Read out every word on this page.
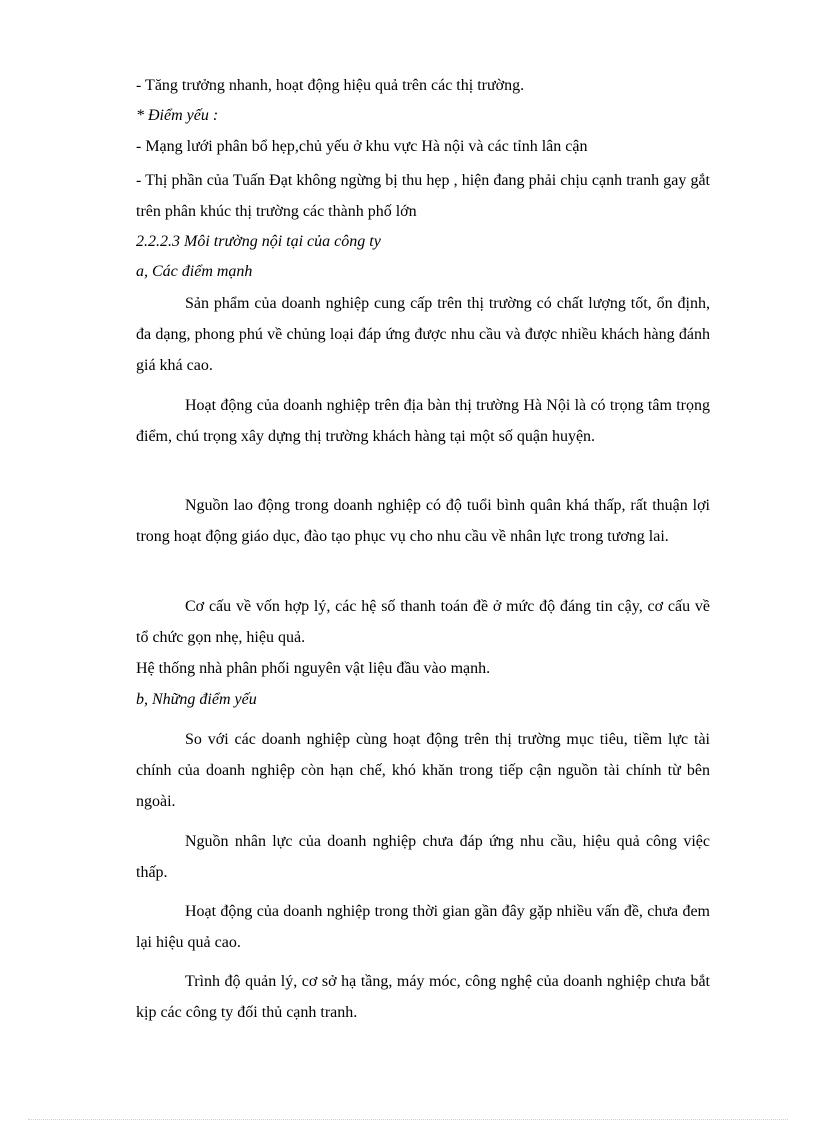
- Tăng trưởng nhanh, hoạt động hiệu quả trên các thị trường.
* Điểm yếu :
- Mạng lưới phân bổ hẹp,chủ yếu ở khu vực Hà nội và các tỉnh lân cận
- Thị phần của Tuấn Đạt không ngừng bị thu hẹp , hiện đang phải chịu cạnh tranh gay gắt trên phân khúc thị trường các thành phố lớn
2.2.2.3 Môi trường nội tại của công ty
a, Các điểm mạnh
Sản phẩm của doanh nghiệp cung cấp trên thị trường có chất lượng tốt, ổn định, đa dạng, phong phú về chủng loại đáp ứng được nhu cầu và được nhiều khách hàng đánh giá khá cao.
Hoạt động của doanh nghiệp trên địa bàn thị trường Hà Nội là có trọng tâm trọng điểm, chú trọng xây dựng thị trường khách hàng tại một số quận huyện.
Nguồn lao động trong doanh nghiệp có độ tuổi bình quân khá thấp, rất thuận lợi trong hoạt động giáo dục, đào tạo phục vụ cho nhu cầu về nhân lực trong tương lai.
Cơ cấu về vốn hợp lý, các hệ số thanh toán đề ở mức độ đáng tin cậy, cơ cấu về tổ chức gọn nhẹ, hiệu quả.
Hệ thống nhà phân phối nguyên vật liệu đầu vào mạnh.
b, Những điểm yếu
So với các doanh nghiệp cùng hoạt động trên thị trường mục tiêu, tiềm lực tài chính của doanh nghiệp còn hạn chế, khó khăn trong tiếp cận nguồn tài chính từ bên ngoài.
Nguồn nhân lực của doanh nghiệp chưa đáp ứng nhu cầu, hiệu quả công việc thấp.
Hoạt động của doanh nghiệp trong thời gian gần đây gặp nhiều vấn đề, chưa đem lại hiệu quả cao.
Trình độ quản lý, cơ sở hạ tầng, máy móc, công nghệ của doanh nghiệp chưa bắt kịp các công ty đối thủ cạnh tranh.
